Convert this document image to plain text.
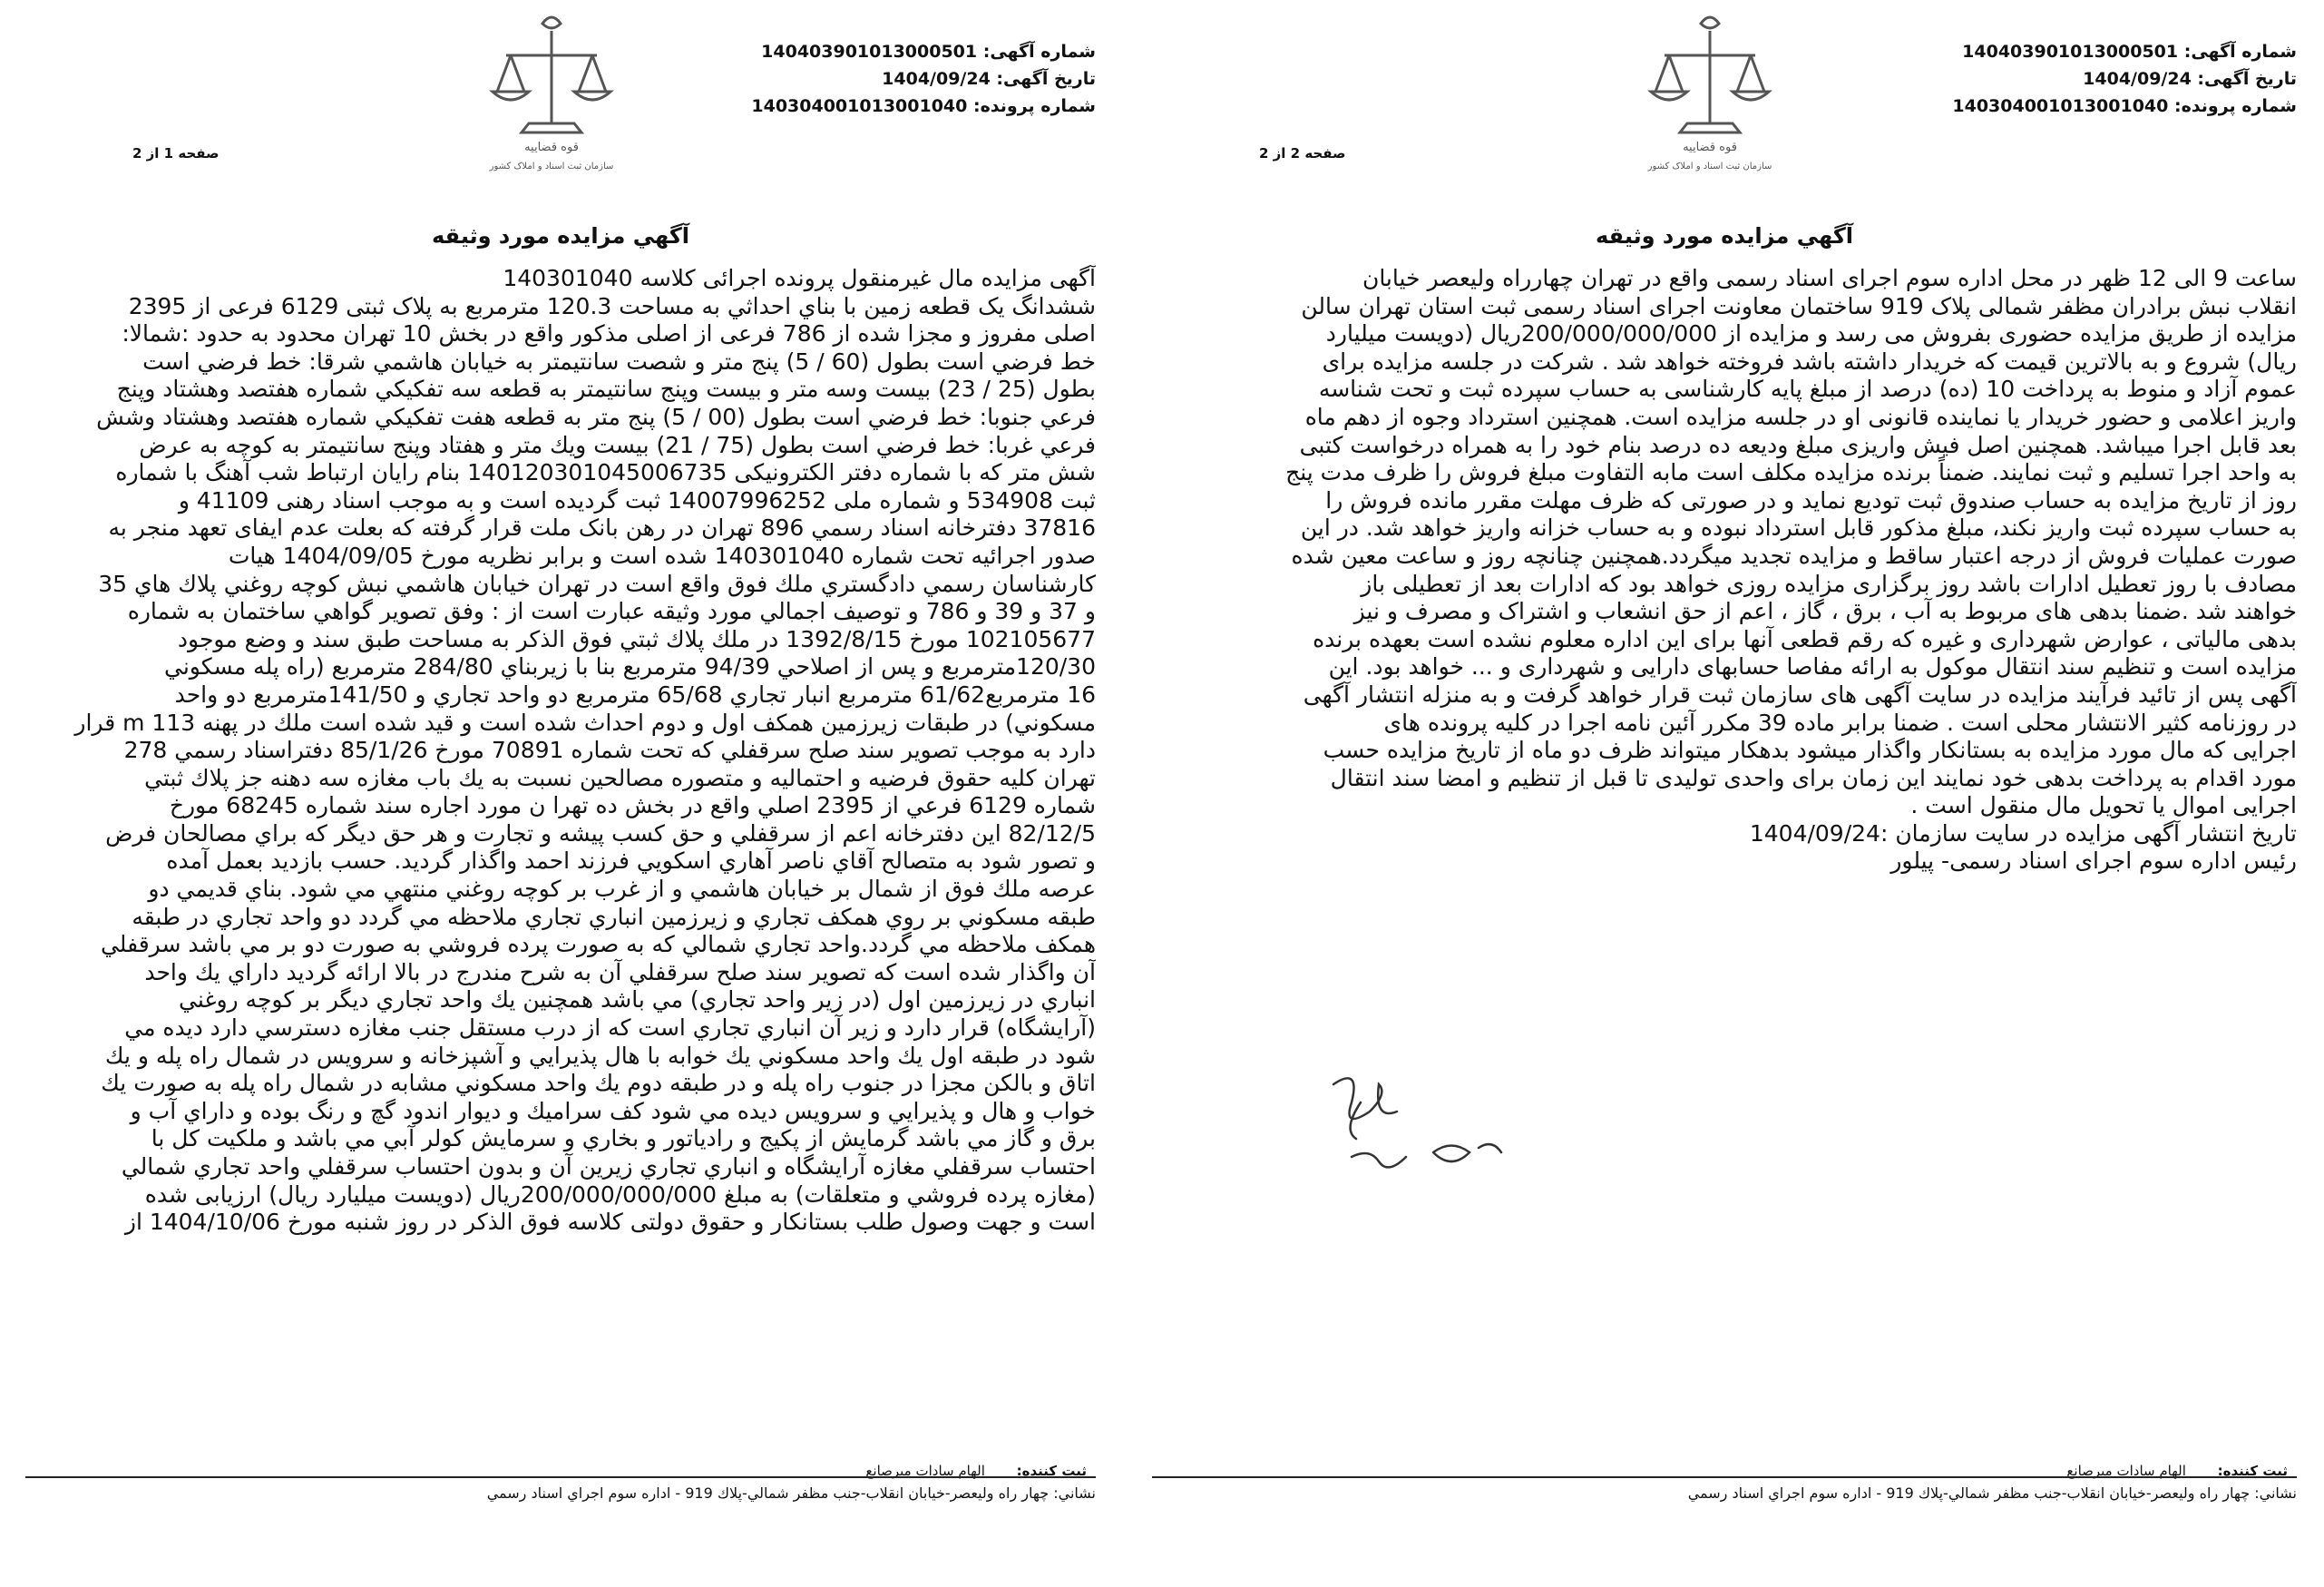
شماره آگهی: 140403901013000501
تاریخ آگهی: 1404/09/24
شماره پرونده: 140304001013001040
صفحه 1 از 2	قوه قضاییه
سازمان ثبت اسناد و املاک کشور
آگهي مزايده مورد وثيقه

آگهی مزایده مال غیرمنقول پرونده اجرائی کلاسه 140301040
ششدانگ یک قطعه زمین با بناي احداثي به مساحت 120.3 مترمربع به پلاک ثبتی 6129 فرعی از 2395
اصلی مفروز و مجزا شده از 786 فرعی از اصلی مذکور واقع در بخش 10 تهران محدود به حدود :شمالا:
خط فرضي است بطول (60 / 5) پنج متر و شصت سانتيمتر به خيابان هاشمي شرقا: خط فرضي است
بطول (25 / 23) بيست وسه متر و بيست وپنج سانتيمتر به قطعه سه تفكيكي شماره هفتصد وهشتاد وپنج
فرعي جنوبا: خط فرضي است بطول (00 / 5) پنج متر به قطعه هفت تفكيكي شماره هفتصد وهشتاد وشش
فرعي غربا: خط فرضي است بطول (75 / 21) بيست ويك متر و هفتاد وپنج سانتيمتر به كوچه به عرض
شش متر که با شماره دفتر الکترونیکی 140120301045006735 بنام رايان ارتباط شب آهنگ با شماره
ثبت 534908 و شماره ملی 14007996252 ثبت گرديده است و به موجب اسناد رهنی 41109 و
37816 دفترخانه اسناد رسمي 896 تهران در رهن بانک ملت قرار گرفته که بعلت عدم ایفای تعهد منجر به
صدور اجرائيه تحت شماره 140301040 شده است و برابر نظريه مورخ 1404/09/05 هيات
كارشناسان رسمي دادگستري ملك فوق واقع است در تهران خيابان هاشمي نبش كوچه روغني پلاك هاي 35
و 37 و 39 و 786 و توصيف اجمالي مورد وثيقه عبارت است از : وفق تصوير گواهي ساختمان به شماره
102105677 مورخ 1392/8/15 در ملك پلاك ثبتي فوق الذكر به مساحت طبق سند و وضع موجود
120/30مترمربع و پس از اصلاحي 94/39 مترمربع بنا با زيربناي 284/80 مترمربع (راه پله مسكوني
16 مترمربع61/62 مترمربع انبار تجاري 65/68 مترمربع دو واحد تجاري و 141/50مترمربع دو واحد
مسكوني) در طبقات زيرزمين همكف اول و دوم احداث شده است و قيد شده است ملك در پهنه m 113 قرار
دارد به موجب تصوير سند صلح سرقفلي كه تحت شماره 70891 مورخ 85/1/26 دفتراسناد رسمي 278
تهران كليه حقوق فرضيه و احتماليه و متصوره مصالحين نسبت به يك باب مغازه سه دهنه جز پلاك ثبتي
شماره 6129 فرعي از 2395 اصلي واقع در بخش ده تهرا ن مورد اجاره سند شماره 68245 مورخ
82/12/5 اين دفترخانه اعم از سرقفلي و حق كسب پيشه و تجارت و هر حق ديگر كه براي مصالحان فرض
و تصور شود به متصالح آقاي ناصر آهاري اسكويي فرزند احمد واگذار گرديد. حسب بازديد بعمل آمده
عرصه ملك فوق از شمال بر خيابان هاشمي و از غرب بر كوچه روغني منتهي مي شود. بناي قديمي دو
طبقه مسكوني بر روي همكف تجاري و زيرزمين انباري تجاري ملاحظه مي گردد دو واحد تجاري در طبقه
همكف ملاحظه مي گردد.واحد تجاري شمالي كه به صورت پرده فروشي به صورت دو بر مي باشد سرقفلي
آن واگذار شده است كه تصوير سند صلح سرقفلي آن به شرح مندرج در بالا ارائه گرديد داراي يك واحد
انباري در زيرزمين اول (در زير واحد تجاري) مي باشد همچنين يك واحد تجاري ديگر بر كوچه روغني
(آرايشگاه) قرار دارد و زير آن انباري تجاري است كه از درب مستقل جنب مغازه دسترسي دارد ديده مي
شود در طبقه اول يك واحد مسكوني يك خوابه با هال پذيرايي و آشپزخانه و سرويس در شمال راه پله و يك
اتاق و بالكن مجزا در جنوب راه پله و در طبقه دوم يك واحد مسكوني مشابه در شمال راه پله به صورت يك
خواب و هال و پذيرايي و سرويس ديده مي شود كف سراميك و ديوار اندود گچ و رنگ بوده و داراي آب و
برق و گاز مي باشد گرمايش از پكيج و رادياتور و بخاري و سرمايش كولر آبي مي باشد و ملكيت كل با
احتساب سرقفلي مغازه آرايشگاه و انباري تجاري زيرين آن و بدون احتساب سرقفلي واحد تجاري شمالي
(مغازه پرده فروشي و متعلقات) به مبلغ 200/000/000/000ريال (دويست ميليارد ريال) ارزيابی شده
است و جهت وصول طلب بستانكار و حقوق دولتی کلاسه فوق الذکر در روز شنبه مورخ 1404/10/06 از

ثبت کننده: الهام سادات میرصانع
نشاني: چهار راه وليعصر-خيابان انقلاب-جنب مظفر شمالي-پلاك 919 - اداره سوم اجراي اسناد رسمي
شماره آگهی: 140403901013000501
تاریخ آگهی: 1404/09/24
شماره پرونده: 140304001013001040
صفحه 2 از 2	قوه قضاییه
سازمان ثبت اسناد و املاک کشور
آگهي مزايده مورد وثيقه

ساعت 9 الی 12 ظهر در محل اداره سوم اجرای اسناد رسمی واقع در تهران چهارراه ولیعصر خیابان
انقلاب نبش برادران مظفر شمالی پلاک 919 ساختمان معاونت اجرای اسناد رسمی ثبت استان تهران سالن
مزایده از طریق مزایده حضوری بفروش می رسد و مزایده از 200/000/000/000ریال (دویست میلیارد
ریال) شروع و به بالاترین قیمت که خریدار داشته باشد فروخته خواهد شد . شرکت در جلسه مزایده برای
عموم آزاد و منوط به پرداخت 10 (ده) درصد از مبلغ پایه کارشناسی به حساب سپرده ثبت و تحت شناسه
واریز اعلامی و حضور خریدار یا نماینده قانونی او در جلسه مزایده است. همچنین استرداد وجوه از دهم ماه
بعد قابل اجرا میباشد. همچنین اصل فیش واریزی مبلغ ودیعه ده درصد بنام خود را به همراه درخواست کتبی
به واحد اجرا تسلیم و ثبت نمایند. ضمناً برنده مزایده مکلف است مابه التفاوت مبلغ فروش را ظرف مدت پنج
روز از تاریخ مزایده به حساب صندوق ثبت تودیع نماید و در صورتی که ظرف مهلت مقرر مانده فروش را
به حساب سپرده ثبت واریز نکند، مبلغ مذکور قابل استرداد نبوده و به حساب خزانه واریز خواهد شد. در این
صورت عملیات فروش از درجه اعتبار ساقط و مزایده تجدید میگردد.همچنین چنانچه روز و ساعت معین شده
مصادف با روز تعطیل ادارات باشد روز برگزاری مزایده روزی خواهد بود که ادارات بعد از تعطیلی باز
خواهند شد .ضمنا بدهی های مربوط به آب ، برق ، گاز ، اعم از حق انشعاب و اشتراک و مصرف و نیز
بدهی مالیاتی ، عوارض شهرداری و غیره که رقم قطعی آنها برای این اداره معلوم نشده است بعهده برنده
مزایده است و تنظیم سند انتقال موکول به ارائه مفاصا حسابهای دارایی و شهرداری و ... خواهد بود. این
آگهی پس از تائید فرآیند مزایده در سایت آگهی های سازمان ثبت قرار خواهد گرفت و به منزله انتشار آگهی
در روزنامه کثیر الانتشار محلی است . ضمنا برابر ماده 39 مکرر آئین نامه اجرا در کلیه پرونده های
اجرایی که مال مورد مزایده به بستانکار واگذار میشود بدهکار میتواند ظرف دو ماه از تاریخ مزایده حسب
مورد اقدام به پرداخت بدهی خود نمایند این زمان برای واحدی تولیدی تا قبل از تنظیم و امضا سند انتقال
اجرایی اموال یا تحویل مال منقول است .
تاریخ انتشار آگهی مزایده در سایت سازمان :1404/09/24
رئیس اداره سوم اجرای اسناد رسمی- پیلور

ثبت کننده: الهام سادات میرصانع
نشاني: چهار راه وليعصر-خيابان انقلاب-جنب مظفر شمالي-پلاك 919 - اداره سوم اجراي اسناد رسمي
